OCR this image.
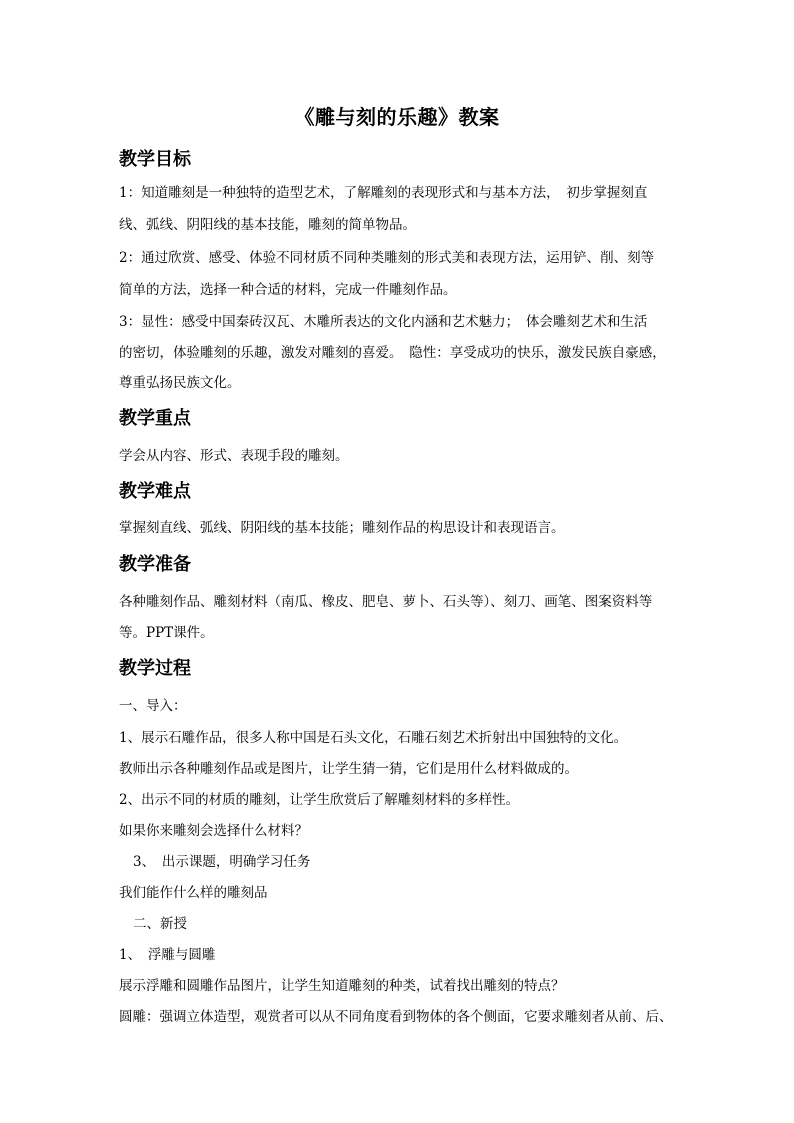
《雕与刻的乐趣》教案
教学目标
1：知道雕刻是一种独特的造型艺术，了解雕刻的表现形式和与基本方法，　初步掌握刻直
线、弧线、阴阳线的基本技能，雕刻的简单物品。
2：通过欣赏、感受、体验不同材质不同种类雕刻的形式美和表现方法，运用铲、削、刻等
简单的方法，选择一种合适的材料，完成一件雕刻作品。
3：显性：感受中国秦砖汉瓦、木雕所表达的文化内涵和艺术魅力；　体会雕刻艺术和生活
的密切，体验雕刻的乐趣，激发对雕刻的喜爱。　隐性：享受成功的快乐，激发民族自豪感，
尊重弘扬民族文化。
教学重点
学会从内容、形式、表现手段的雕刻。
教学难点
掌握刻直线、弧线、阴阳线的基本技能；雕刻作品的构思设计和表现语言。
教学准备
各种雕刻作品、雕刻材料（南瓜、橡皮、肥皂、萝卜、石头等）、刻刀、画笔、图案资料等
等。PPT课件。
教学过程
一、导入：
1、展示石雕作品，很多人称中国是石头文化，石雕石刻艺术折射出中国独特的文化。
教师出示各种雕刻作品或是图片，让学生猜一猜，它们是用什么材料做成的。
2、出示不同的材质的雕刻，让学生欣赏后了解雕刻材料的多样性。
如果你来雕刻会选择什么材料？
3、　出示课题，明确学习任务
我们能作什么样的雕刻品
二、新授
1、　浮雕与圆雕
展示浮雕和圆雕作品图片，让学生知道雕刻的种类，试着找出雕刻的特点？
圆雕：强调立体造型，观赏者可以从不同角度看到物体的各个侧面，它要求雕刻者从前、后、
